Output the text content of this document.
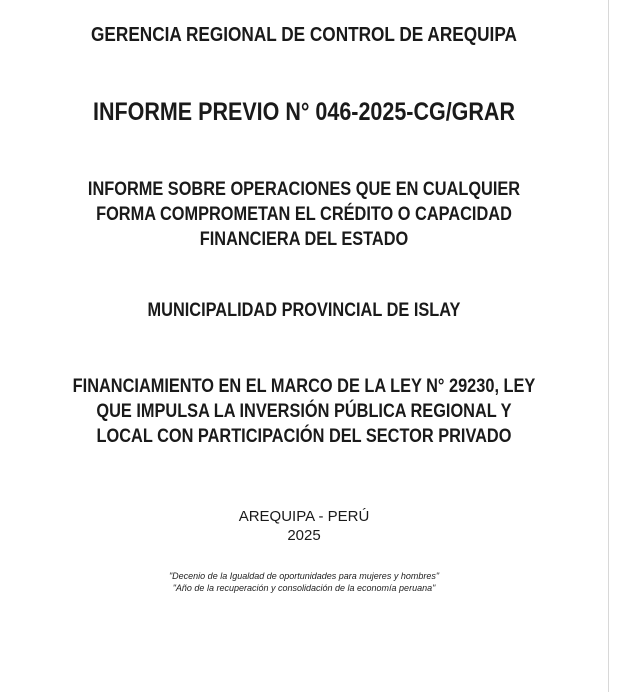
GERENCIA REGIONAL DE CONTROL DE AREQUIPA
INFORME PREVIO N° 046-2025-CG/GRAR
INFORME SOBRE OPERACIONES QUE EN CUALQUIER
FORMA COMPROMETAN EL CRÉDITO O CAPACIDAD
FINANCIERA DEL ESTADO
MUNICIPALIDAD PROVINCIAL DE ISLAY
FINANCIAMIENTO EN EL MARCO DE LA LEY N° 29230, LEY
QUE IMPULSA LA INVERSIÓN PÚBLICA REGIONAL Y
LOCAL CON PARTICIPACIÓN DEL SECTOR PRIVADO
AREQUIPA - PERÚ
2025
"Decenio de la Igualdad de oportunidades para mujeres y hombres"
"Año de la recuperación y consolidación de la economía peruana"
